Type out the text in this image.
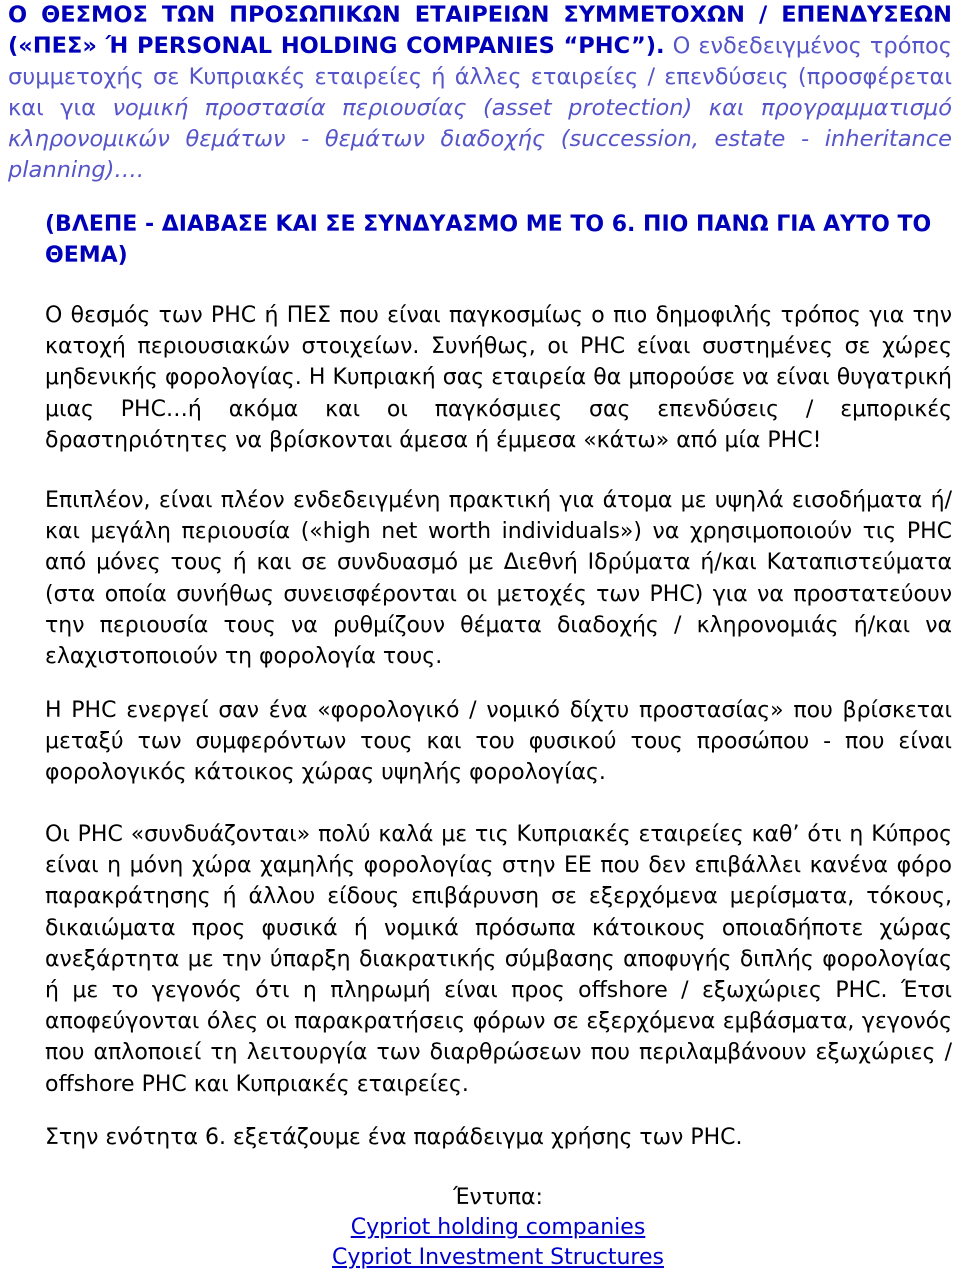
Ο ΘΕΣΜΟΣ ΤΩΝ ΠΡΟΣΩΠΙΚΩΝ ΕΤΑΙΡΕΙΩΝ ΣΥΜΜΕΤΟΧΩΝ / ΕΠΕΝΔΥΣΕΩΝ («ΠΕΣ» Ή PERSONAL HOLDING COMPANIES “PHC”). Ο ενδεδειγμένος τρόπος συμμετοχής σε Κυπριακές εταιρείες ή άλλες εταιρείες / επενδύσεις (προσφέρεται και για νομική προστασία περιουσίας (asset protection) και προγραμματισμό κληρονομικών θεμάτων - θεμάτων διαδοχής (succession, estate - inheritance planning)….
(ΒΛΕΠΕ - ΔΙΑΒΑΣΕ ΚΑΙ ΣΕ ΣΥΝΔΥΑΣΜΟ ΜΕ ΤΟ 6. ΠΙΟ ΠΑΝΩ ΓΙΑ ΑΥΤΟ ΤΟ ΘΕΜΑ)

Ο θεσμός των PHC ή ΠΕΣ που είναι παγκοσμίως ο πιο δημοφιλής τρόπος για την κατοχή περιουσιακών στοιχείων. Συνήθως, οι PHC είναι συστημένες σε χώρες μηδενικής φορολογίας. Η Κυπριακή σας εταιρεία θα μπορούσε να είναι θυγατρική μιας PHC…ή ακόμα και οι παγκόσμιες σας επενδύσεις / εμπορικές δραστηριότητες να βρίσκονται άμεσα ή έμμεσα «κάτω» από μία PHC!

Επιπλέον, είναι πλέον ενδεδειγμένη πρακτική για άτομα με υψηλά εισοδήματα ή/και μεγάλη περιουσία («high net worth individuals») να χρησιμοποιούν τις PHC από μόνες τους ή και σε συνδυασμό με Διεθνή Ιδρύματα ή/και Καταπιστεύματα (στα οποία συνήθως συνεισφέρονται οι μετοχές των PHC) για να προστατεύουν την περιουσία τους να ρυθμίζουν θέματα διαδοχής / κληρονομιάς ή/και να ελαχιστοποιούν τη φορολογία τους.

Η PHC ενεργεί σαν ένα «φορολογικό / νομικό δίχτυ προστασίας» που βρίσκεται μεταξύ των συμφερόντων τους και του φυσικού τους προσώπου - που είναι φορολογικός κάτοικος χώρας υψηλής φορολογίας.

Οι PHC «συνδυάζονται» πολύ καλά με τις Κυπριακές εταιρείες καθ’ ότι η Κύπρος είναι η μόνη χώρα χαμηλής φορολογίας στην ΕΕ που δεν επιβάλλει κανένα φόρο παρακράτησης ή άλλου είδους επιβάρυνση σε εξερχόμενα μερίσματα, τόκους, δικαιώματα προς φυσικά ή νομικά πρόσωπα κάτοικους οποιαδήποτε χώρας ανεξάρτητα με την ύπαρξη διακρατικής σύμβασης αποφυγής διπλής φορολογίας ή με το γεγονός ότι η πληρωμή είναι προς offshore / εξωχώριες PHC. Έτσι αποφεύγονται όλες οι παρακρατήσεις φόρων σε εξερχόμενα εμβάσματα, γεγονός που απλοποιεί τη λειτουργία των διαρθρώσεων που περιλαμβάνουν εξωχώριες / offshore PHC και Κυπριακές εταιρείες.

Στην ενότητα 6. εξετάζουμε ένα παράδειγμα χρήσης των PHC.

Έντυπα:
Cypriot holding companies
Cypriot Investment Structures
